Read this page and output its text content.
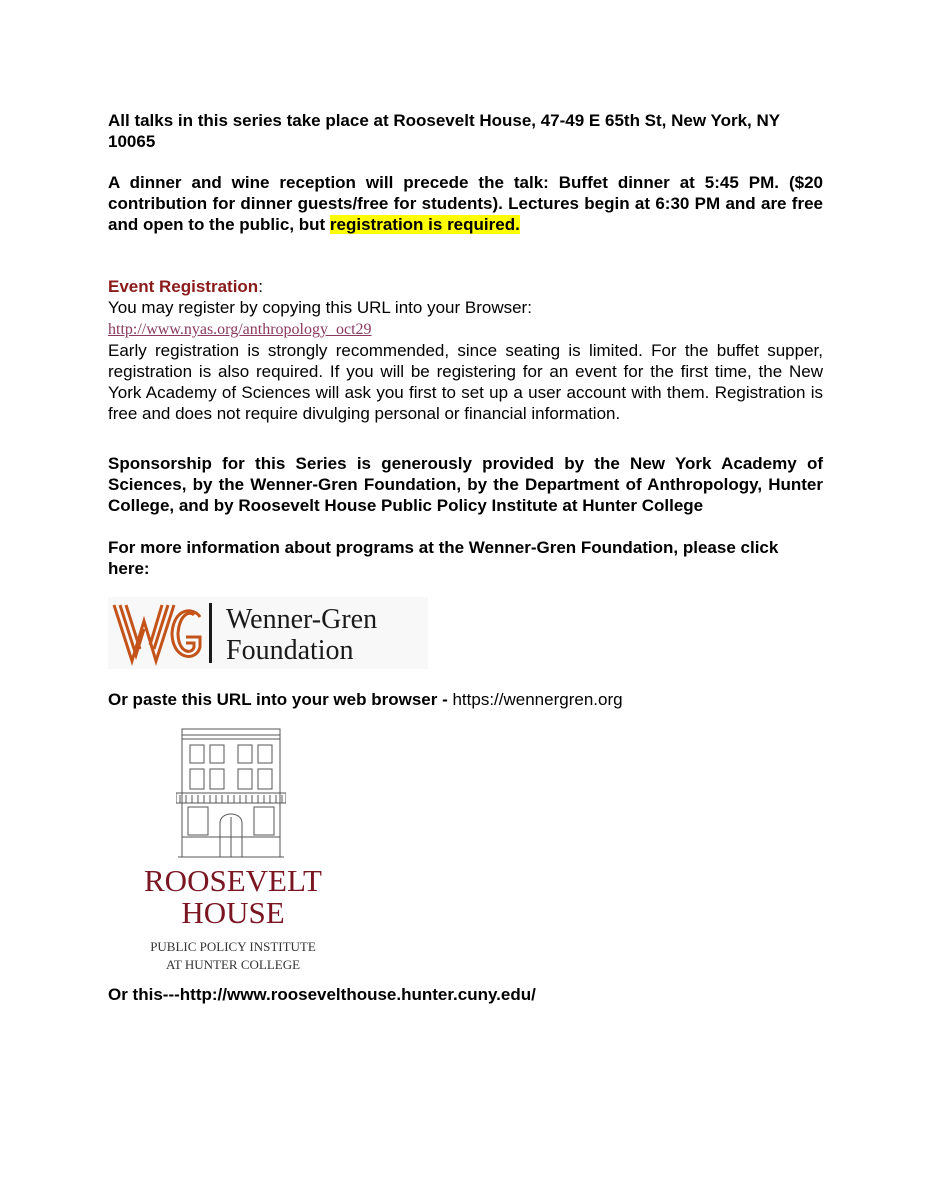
All talks in this series take place at Roosevelt House, 47-49 E 65th St, New York, NY 10065

A dinner and wine reception will precede the talk: Buffet dinner at 5:45 PM. ($20 contribution for dinner guests/free for students). Lectures begin at 6:30 PM and are free and open to the public, but registration is required.

Event Registration:

You may register by copying this URL into your Browser:

http://www.nyas.org/anthropology_oct29

Early registration is strongly recommended, since seating is limited. For the buffet supper, registration is also required. If you will be registering for an event for the first time, the New York Academy of Sciences will ask you first to set up a user account with them. Registration is free and does not require divulging personal or financial information.

Sponsorship for this Series is generously provided by the New York Academy of Sciences, by the Wenner-Gren Foundation, by the Department of Anthropology, Hunter College, and by Roosevelt House Public Policy Institute at Hunter College

For more information about programs at the Wenner-Gren Foundation, please click here:

Wenner-Gren
Foundation

Or paste this URL into your web browser - https://wennergren.org

ROOSEVELT
HOUSE
PUBLIC POLICY INSTITUTE
AT HUNTER COLLEGE

Or this---http://www.roosevelthouse.hunter.cuny.edu/
